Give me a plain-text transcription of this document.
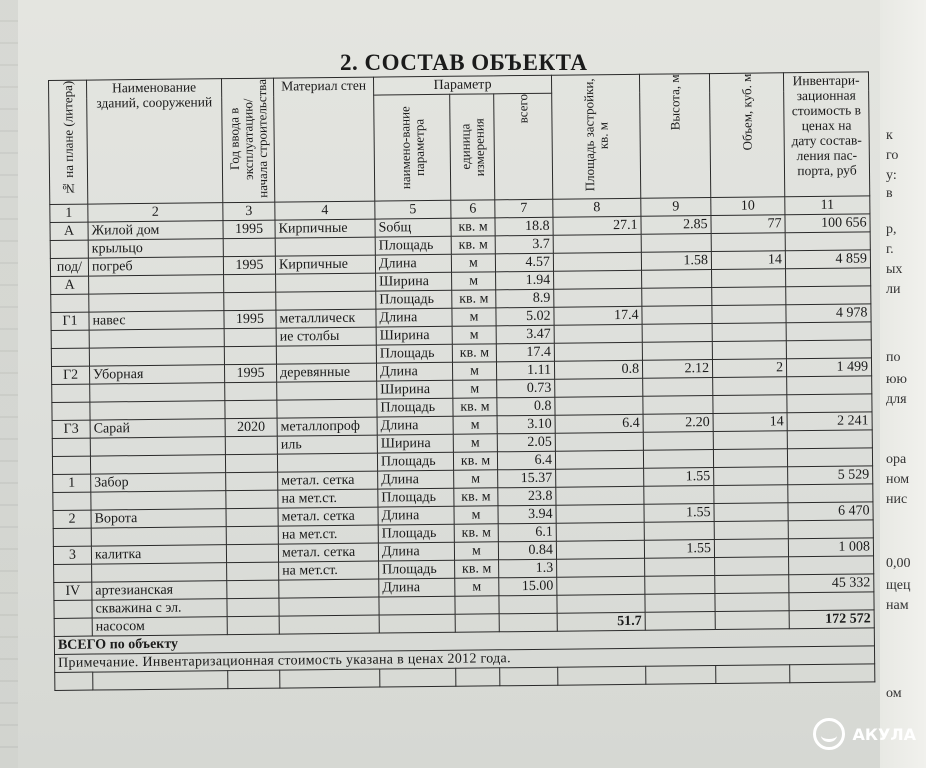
2. СОСТАВ ОБЪЕКТА
№ на плане (литера)	Наименование зданий, сооружений	Год ввода в эксплуатацию/ начала строительства	Материал стен	Параметр			Площадь застройки, кв. м	Высота, м	Объем, куб. м	Инвентари-зационная стоимость в ценах на дату состав-ления пас-порта, руб
				наимено-вание параметра	единица измерения	всего				
1	2	3	4	5	6	7	8	9	10	11
А	Жилой дом	1995	Кирпичные	Sобщ	кв. м	18.8	27.1	2.85	77	100 656
	крыльцо			Площадь	кв. м	3.7				
под/	погреб	1995	Кирпичные	Длина	м	4.57		1.58	14	4 859
А				Ширина	м	1.94				
				Площадь	кв. м	8.9				
Г1	навес	1995	металлическ	Длина	м	5.02	17.4			4 978
			ие столбы	Ширина	м	3.47				
				Площадь	кв. м	17.4				
Г2	Уборная	1995	деревянные	Длина	м	1.11	0.8	2.12	2	1 499
				Ширина	м	0.73				
				Площадь	кв. м	0.8				
Г3	Сарай	2020	металлопроф	Длина	м	3.10	6.4	2.20	14	2 241
			иль	Ширина	м	2.05				
				Площадь	кв. м	6.4				
1	Забор		метал. сетка	Длина	м	15.37		1.55		5 529
			на мет.ст.	Площадь	кв. м	23.8				
2	Ворота		метал. сетка	Длина	м	3.94		1.55		6 470
			на мет.ст.	Площадь	кв. м	6.1				
3	калитка		метал. сетка	Длина	м	0.84		1.55		1 008
			на мет.ст.	Площадь	кв. м	1.3				
IV	артезианская			Длина	м	15.00				45 332
	скважина с эл.									
	насосом						51.7			172 572
ВСЕГО по объекту										
Примечание. Инвентаризационная стоимость указана в ценах 2012 года.										

к
го
у:
в
р,
г.
ых
ли
по
юю
для
ора
ном
нис
0,00
щец
нам
ом
АКУЛА
